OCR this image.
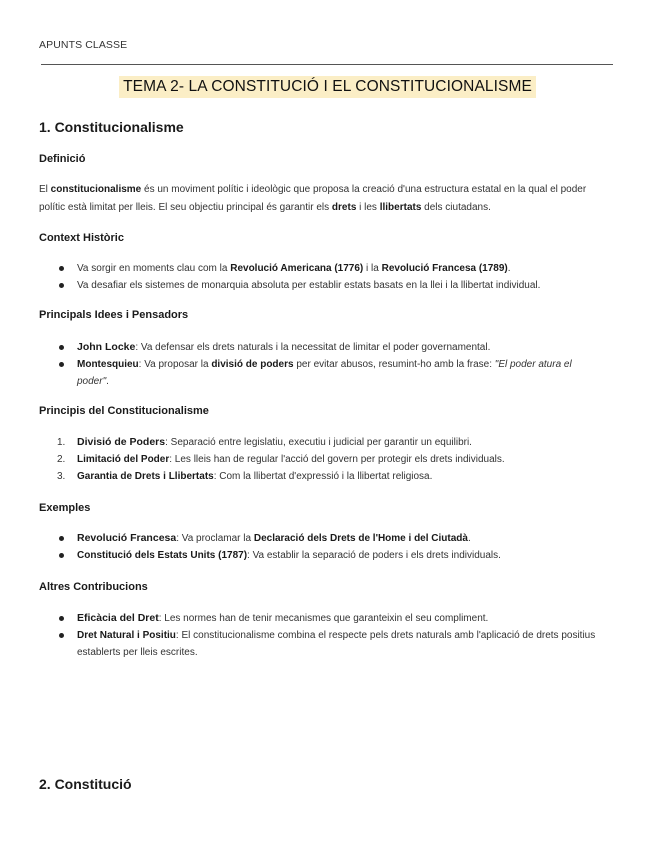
APUNTS CLASSE
TEMA 2- LA CONSTITUCIÓ I EL CONSTITUCIONALISME
1. Constitucionalisme
Definició
El constitucionalisme és un moviment polític i ideològic que proposa la creació d'una estructura estatal en la qual el poder polític està limitat per lleis. El seu objectiu principal és garantir els drets i les llibertats dels ciutadans.
Context Històric
Va sorgir en moments clau com la Revolució Americana (1776) i la Revolució Francesa (1789).
Va desafiar els sistemes de monarquia absoluta per establir estats basats en la llei i la llibertat individual.
Principals Idees i Pensadors
John Locke: Va defensar els drets naturals i la necessitat de limitar el poder governamental.
Montesquieu: Va proposar la divisió de poders per evitar abusos, resumint-ho amb la frase: "El poder atura el poder".
Principis del Constitucionalisme
1. Divisió de Poders: Separació entre legislatiu, executiu i judicial per garantir un equilibri.
2. Limitació del Poder: Les lleis han de regular l'acció del govern per protegir els drets individuals.
3. Garantia de Drets i Llibertats: Com la llibertat d'expressió i la llibertat religiosa.
Exemples
Revolució Francesa: Va proclamar la Declaració dels Drets de l'Home i del Ciutadà.
Constitució dels Estats Units (1787): Va establir la separació de poders i els drets individuals.
Altres Contribucions
Eficàcia del Dret: Les normes han de tenir mecanismes que garanteixin el seu compliment.
Dret Natural i Positiu: El constitucionalisme combina el respecte pels drets naturals amb l'aplicació de drets positius establerts per lleis escrites.
2. Constitució
